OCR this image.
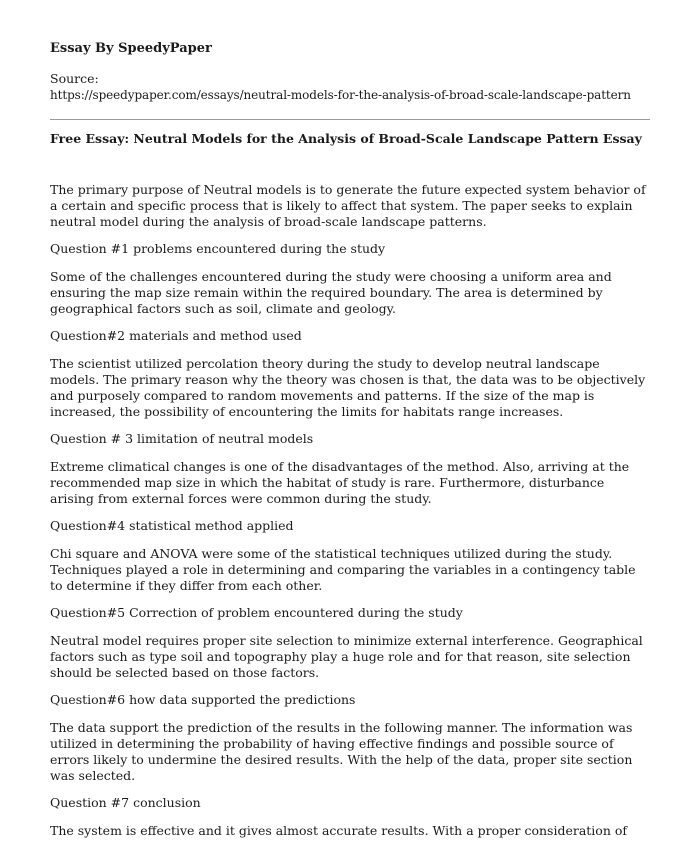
Essay By SpeedyPaper
Source:
https://speedypaper.com/essays/neutral-models-for-the-analysis-of-broad-scale-landscape-pattern
Free Essay: Neutral Models for the Analysis of Broad-Scale Landscape Pattern Essay

The primary purpose of Neutral models is to generate the future expected system behavior of a certain and specific process that is likely to affect that system. The paper seeks to explain neutral model during the analysis of broad-scale landscape patterns.

Question #1 problems encountered during the study

Some of the challenges encountered during the study were choosing a uniform area and ensuring the map size remain within the required boundary. The area is determined by geographical factors such as soil, climate and geology.

Question#2 materials and method used

The scientist utilized percolation theory during the study to develop neutral landscape models. The primary reason why the theory was chosen is that, the data was to be objectively and purposely compared to random movements and patterns. If the size of the map is increased, the possibility of encountering the limits for habitats range increases.

Question # 3 limitation of neutral models

Extreme climatical changes is one of the disadvantages of the method. Also, arriving at the recommended map size in which the habitat of study is rare. Furthermore, disturbance arising from external forces were common during the study.

Question#4 statistical method applied

Chi square and ANOVA were some of the statistical techniques utilized during the study. Techniques played a role in determining and comparing the variables in a contingency table to determine if they differ from each other.

Question#5 Correction of problem encountered during the study

Neutral model requires proper site selection to minimize external interference. Geographical factors such as type soil and topography play a huge role and for that reason, site selection should be selected based on those factors.

Question#6 how data supported the predictions

The data support the prediction of the results in the following manner. The information was utilized in determining the probability of having effective findings and possible source of errors likely to undermine the desired results. With the help of the data, proper site section was selected.

Question #7 conclusion

The system is effective and it gives almost accurate results. With a proper consideration of
